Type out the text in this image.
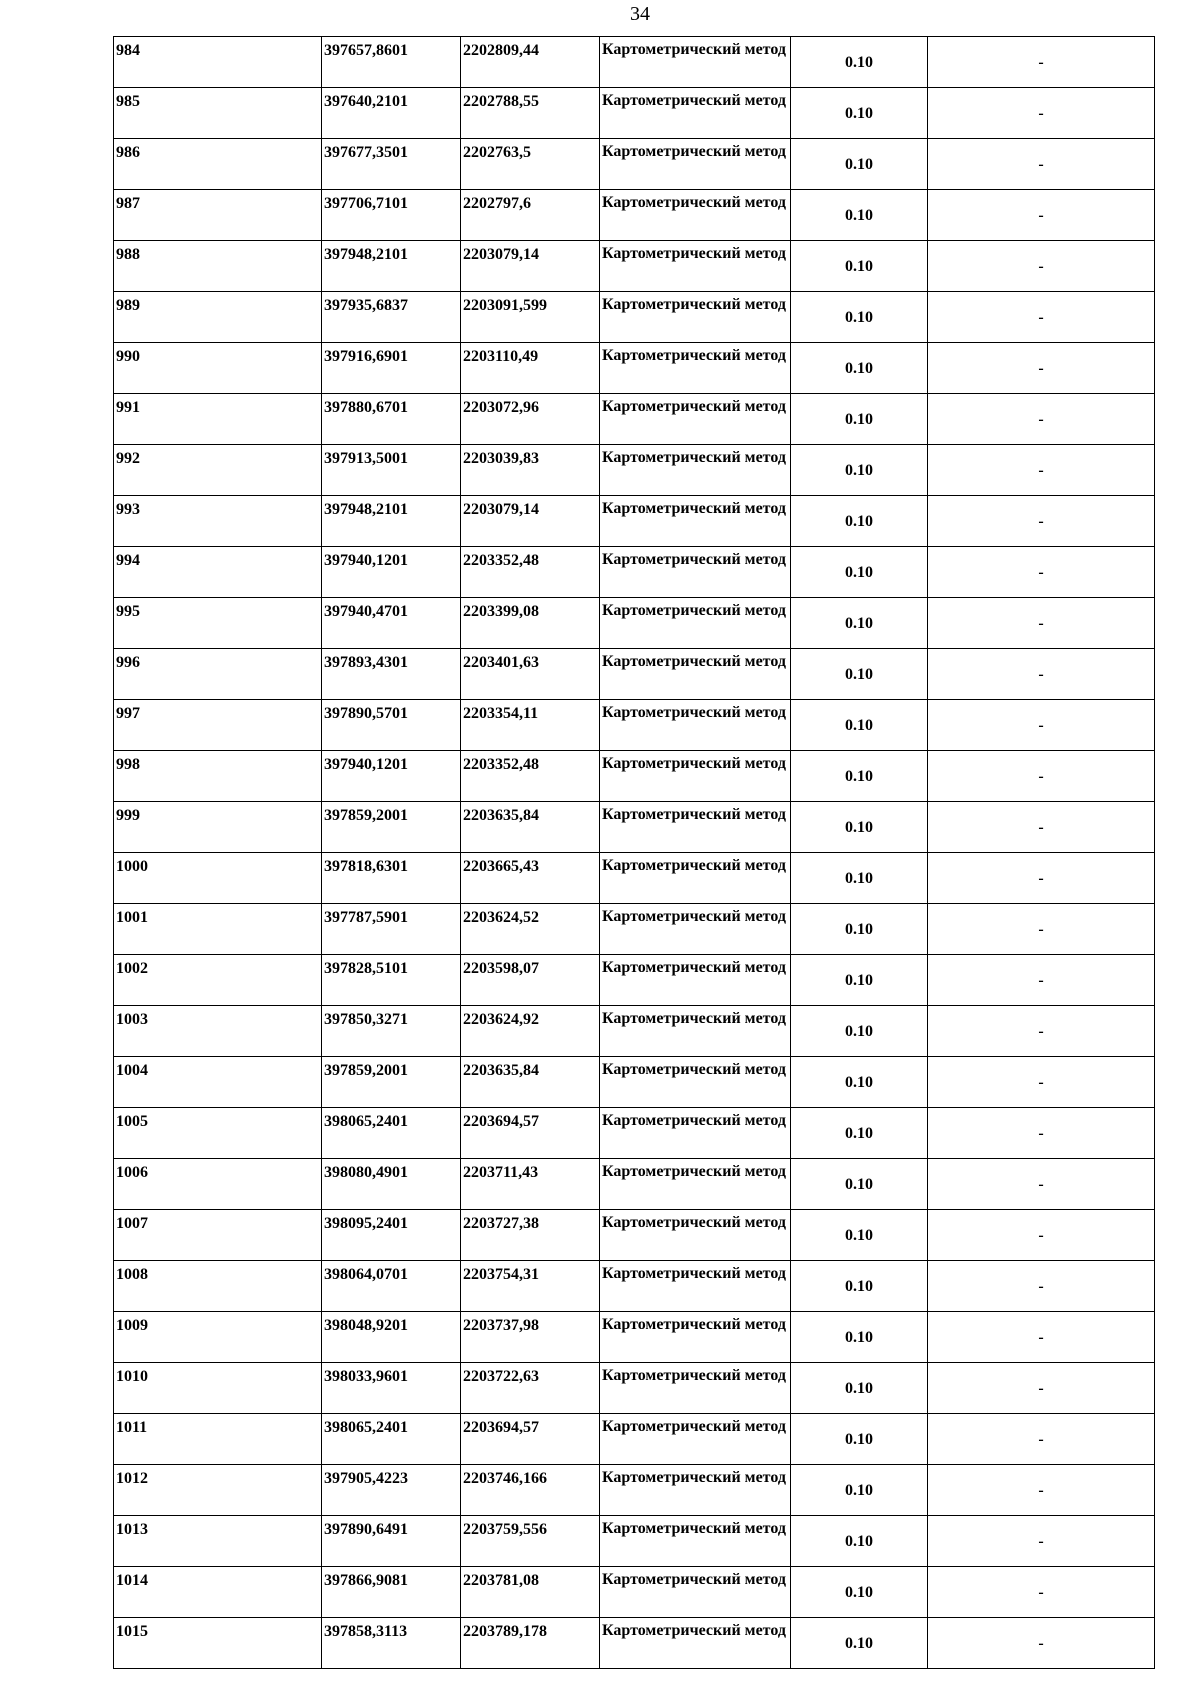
34
984	397657,8601	2202809,44	Картометрический метод	0.10	-
985	397640,2101	2202788,55	Картометрический метод	0.10	-
986	397677,3501	2202763,5	Картометрический метод	0.10	-
987	397706,7101	2202797,6	Картометрический метод	0.10	-
988	397948,2101	2203079,14	Картометрический метод	0.10	-
989	397935,6837	2203091,599	Картометрический метод	0.10	-
990	397916,6901	2203110,49	Картометрический метод	0.10	-
991	397880,6701	2203072,96	Картометрический метод	0.10	-
992	397913,5001	2203039,83	Картометрический метод	0.10	-
993	397948,2101	2203079,14	Картометрический метод	0.10	-
994	397940,1201	2203352,48	Картометрический метод	0.10	-
995	397940,4701	2203399,08	Картометрический метод	0.10	-
996	397893,4301	2203401,63	Картометрический метод	0.10	-
997	397890,5701	2203354,11	Картометрический метод	0.10	-
998	397940,1201	2203352,48	Картометрический метод	0.10	-
999	397859,2001	2203635,84	Картометрический метод	0.10	-
1000	397818,6301	2203665,43	Картометрический метод	0.10	-
1001	397787,5901	2203624,52	Картометрический метод	0.10	-
1002	397828,5101	2203598,07	Картометрический метод	0.10	-
1003	397850,3271	2203624,92	Картометрический метод	0.10	-
1004	397859,2001	2203635,84	Картометрический метод	0.10	-
1005	398065,2401	2203694,57	Картометрический метод	0.10	-
1006	398080,4901	2203711,43	Картометрический метод	0.10	-
1007	398095,2401	2203727,38	Картометрический метод	0.10	-
1008	398064,0701	2203754,31	Картометрический метод	0.10	-
1009	398048,9201	2203737,98	Картометрический метод	0.10	-
1010	398033,9601	2203722,63	Картометрический метод	0.10	-
1011	398065,2401	2203694,57	Картометрический метод	0.10	-
1012	397905,4223	2203746,166	Картометрический метод	0.10	-
1013	397890,6491	2203759,556	Картометрический метод	0.10	-
1014	397866,9081	2203781,08	Картометрический метод	0.10	-
1015	397858,3113	2203789,178	Картометрический метод	0.10	-
